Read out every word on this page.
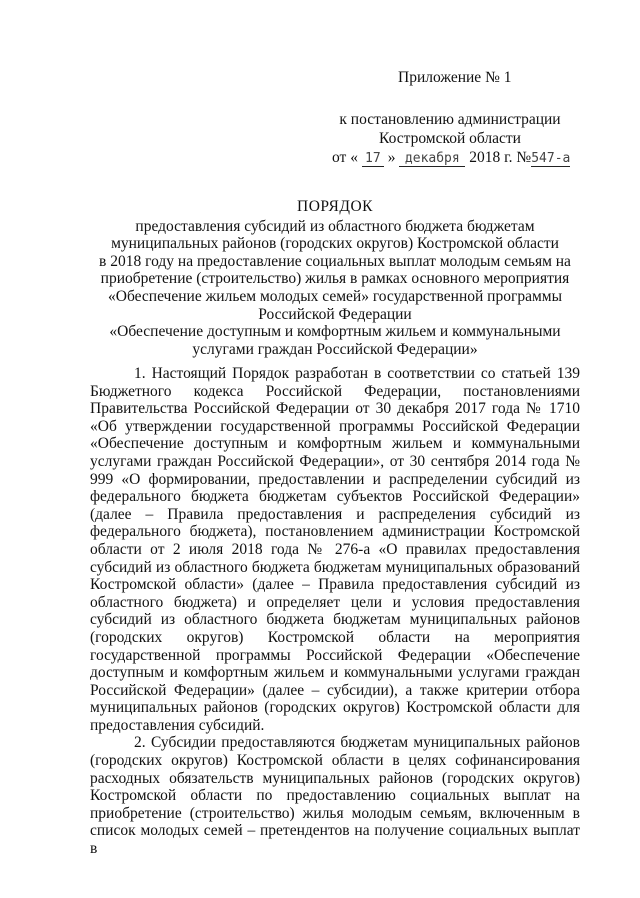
Приложение № 1
к постановлению администрации
Костромской области
от « 17 » декабря 2018 г. №547-а
ПОРЯДОК
предоставления субсидий из областного бюджета бюджетам
муниципальных районов (городских округов) Костромской области
в 2018 году на предоставление социальных выплат молодым семьям на
приобретение (строительство) жилья в рамках основного мероприятия
«Обеспечение жильем молодых семей» государственной программы
Российской Федерации
«Обеспечение доступным и комфортным жильем и коммунальными
услугами граждан Российской Федерации»

1. Настоящий Порядок разработан в соответствии со статьей 139 Бюджетного кодекса Российской Федерации, постановлениями Правительства Российской Федерации от 30 декабря 2017 года № 1710 «Об утверждении государственной программы Российской Федерации «Обеспечение доступным и комфортным жильем и коммунальными услугами граждан Российской Федерации», от 30 сентября 2014 года № 999 «О формировании, предоставлении и распределении субсидий из федерального бюджета бюджетам субъектов Российской Федерации» (далее – Правила предоставления и распределения субсидий из федерального бюджета), постановлением администрации Костромской области от 2 июля 2018 года № 276-а «О правилах предоставления субсидий из областного бюджета бюджетам муниципальных образований Костромской области» (далее – Правила предоставления субсидий из областного бюджета) и определяет цели и условия предоставления субсидий из областного бюджета бюджетам муниципальных районов (городских округов) Костромской области на мероприятия государственной программы Российской Федерации «Обеспечение доступным и комфортным жильем и коммунальными услугами граждан Российской Федерации» (далее – субсидии), а также критерии отбора муниципальных районов (городских округов) Костромской области для предоставления субсидий.

2. Субсидии предоставляются бюджетам муниципальных районов (городских округов) Костромской области в целях софинансирования расходных обязательств муниципальных районов (городских округов) Костромской области по предоставлению социальных выплат на приобретение (строительство) жилья молодым семьям, включенным в список молодых семей – претендентов на получение социальных выплат в
